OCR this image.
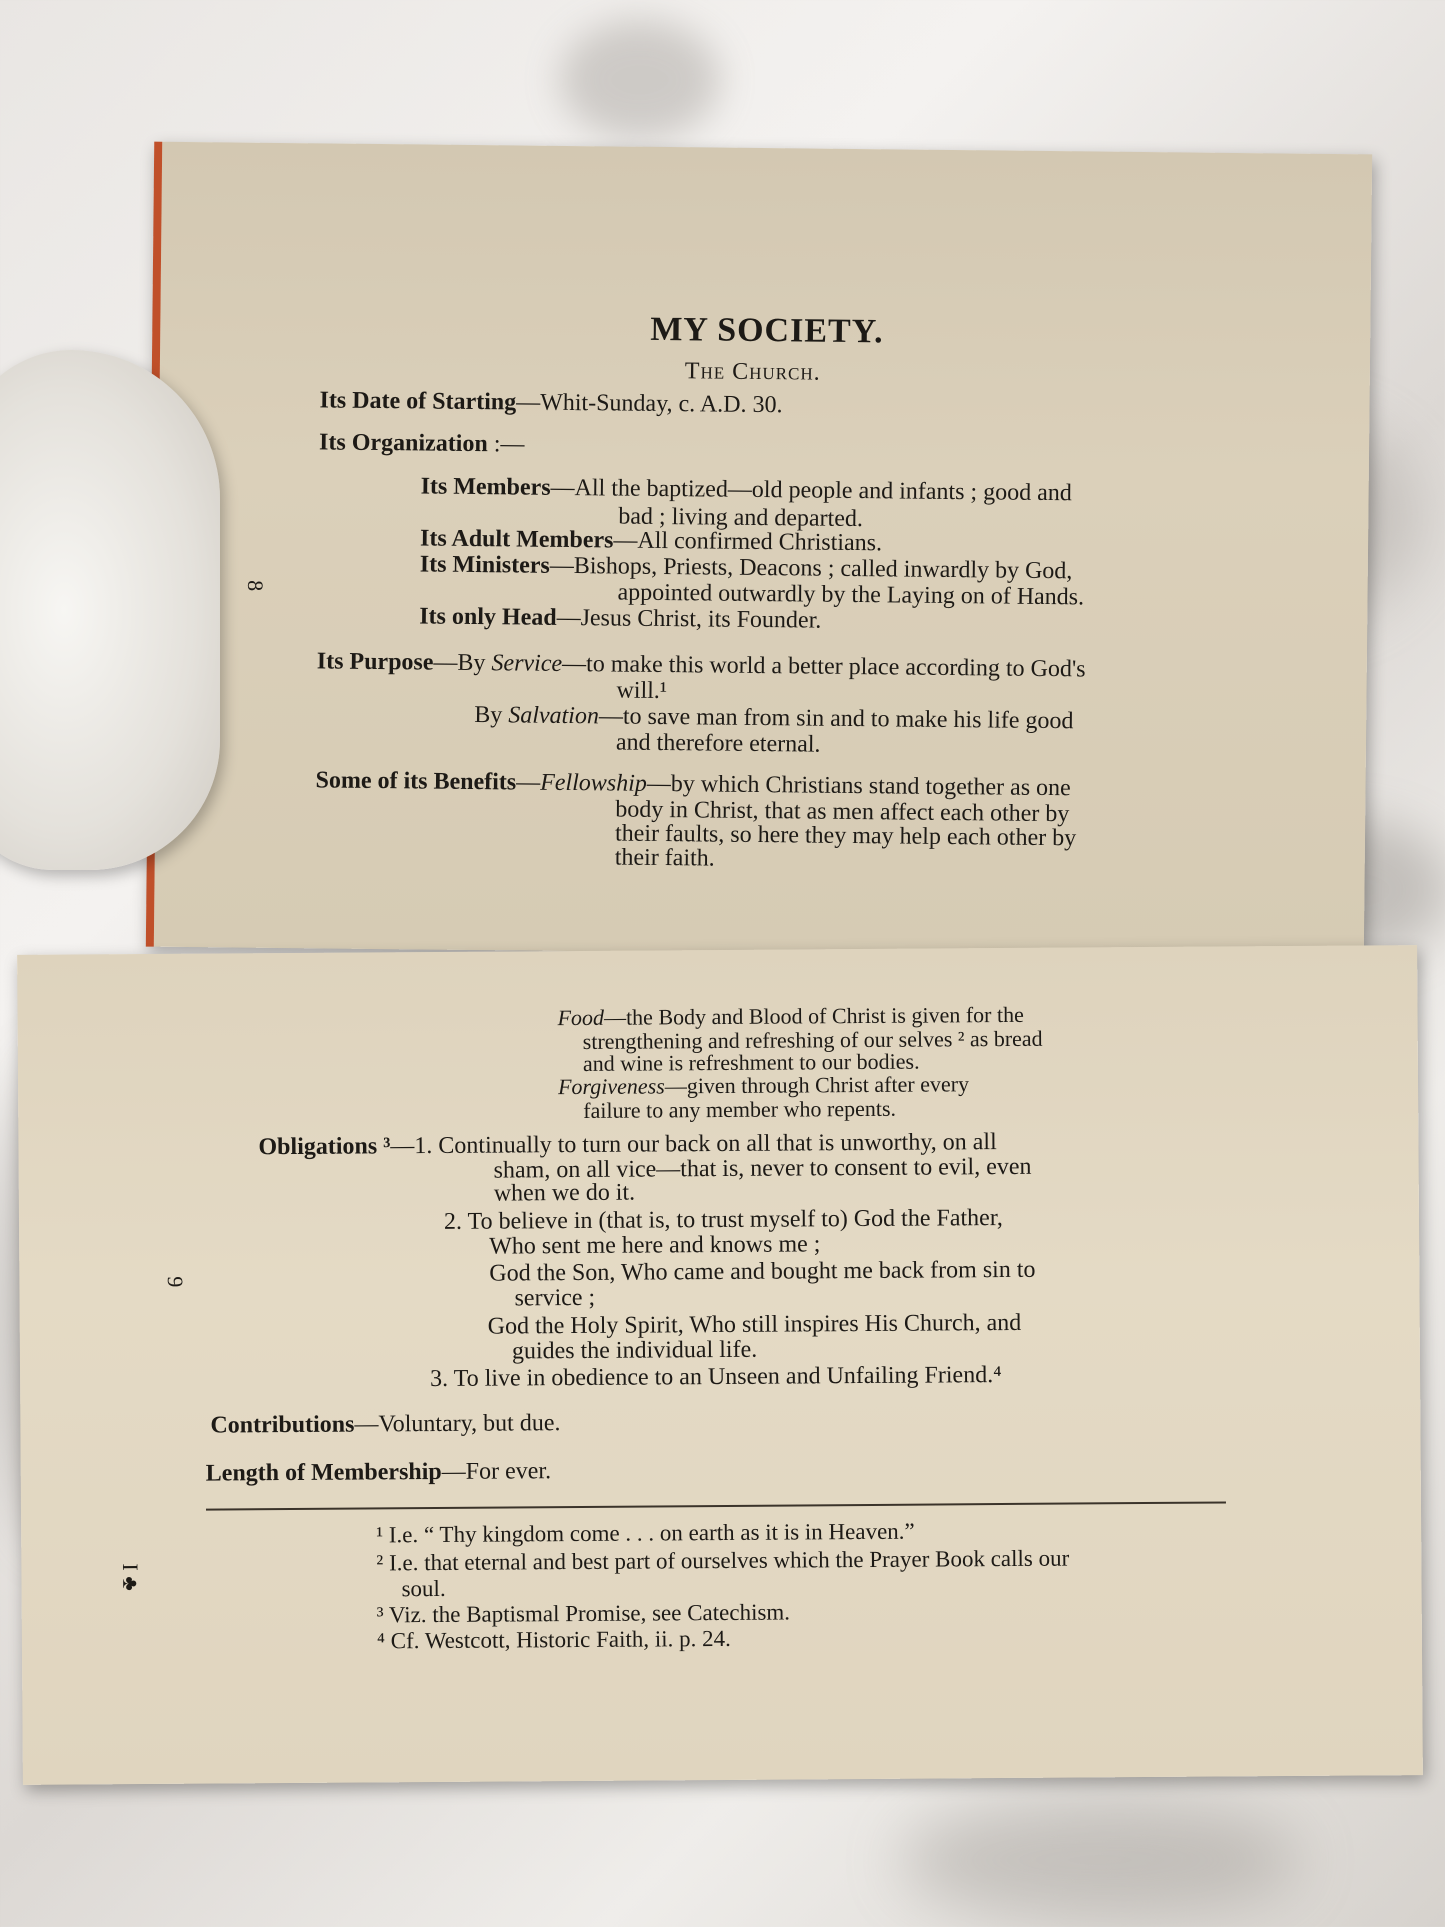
8
MY SOCIETY.
The Church.
Its Date of Starting—Whit-Sunday, c. A.D. 30.
Its Organization :—
Its Members—All the baptized—old people and infants ; good and
bad ; living and departed.
Its Adult Members—All confirmed Christians.
Its Ministers—Bishops, Priests, Deacons ; called inwardly by God,
appointed outwardly by the Laying on of Hands.
Its only Head—Jesus Christ, its Founder.
Its Purpose—By Service—to make this world a better place according to God's
will.¹
By Salvation—to save man from sin and to make his life good
and therefore eternal.
Some of its Benefits—Fellowship—by which Christians stand together as one
body in Christ, that as men affect each other by
their faults, so here they may help each other by
their faith.
9
I ♣
Food—the Body and Blood of Christ is given for the
strengthening and refreshing of our selves ² as bread
and wine is refreshment to our bodies.
Forgiveness—given through Christ after every
failure to any member who repents.
Obligations ³—1. Continually to turn our back on all that is unworthy, on all
sham, on all vice—that is, never to consent to evil, even
when we do it.
2. To believe in (that is, to trust myself to) God the Father,
Who sent me here and knows me ;
God the Son, Who came and bought me back from sin to
service ;
God the Holy Spirit, Who still inspires His Church, and
guides the individual life.
3. To live in obedience to an Unseen and Unfailing Friend.⁴
Contributions—Voluntary, but due.
Length of Membership—For ever.
¹ I.e. “ Thy kingdom come . . . on earth as it is in Heaven.”
² I.e. that eternal and best part of ourselves which the Prayer Book calls our
soul.
³ Viz. the Baptismal Promise, see Catechism.
⁴ Cf. Westcott, Historic Faith, ii. p. 24.
